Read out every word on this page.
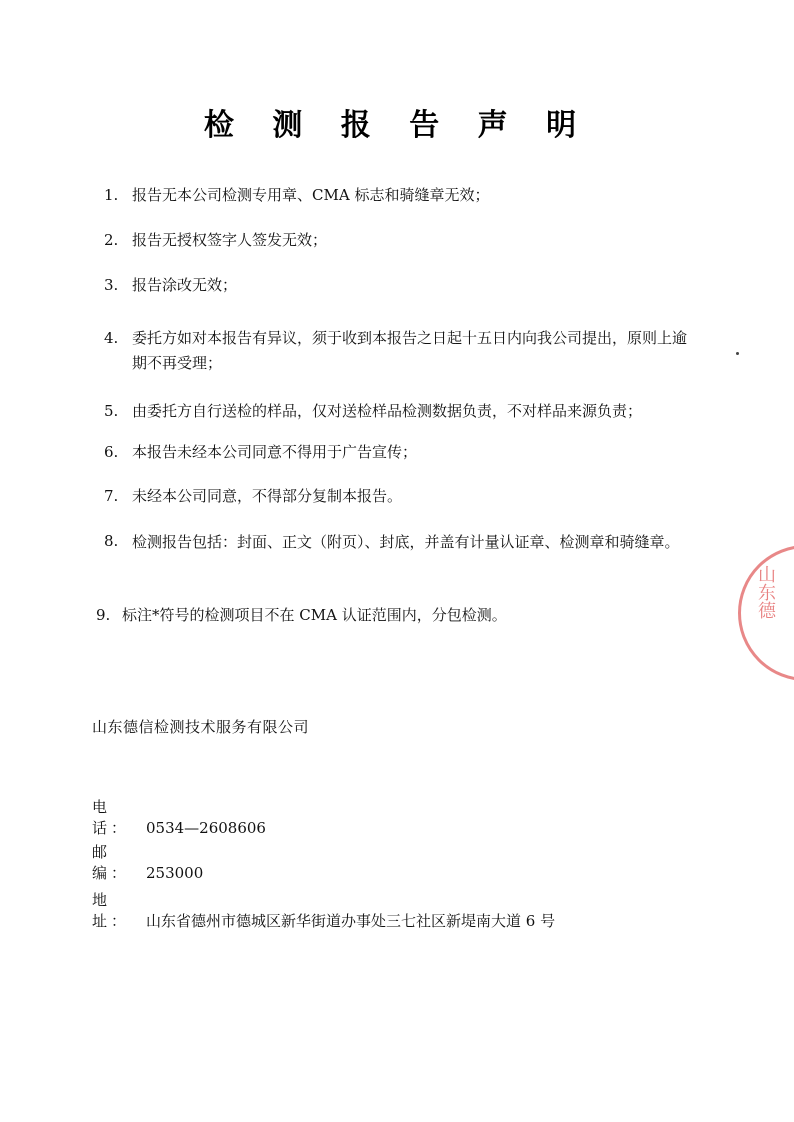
检 测 报 告 声 明
1. 报告无本公司检测专用章、CMA 标志和骑缝章无效；
2. 报告无授权签字人签发无效；
3. 报告涂改无效；
4. 委托方如对本报告有异议，须于收到本报告之日起十五日内向我公司提出，原则上逾期不再受理；
5. 由委托方自行送检的样品，仅对送检样品检测数据负责，不对样品来源负责；
6. 本报告未经本公司同意不得用于广告宣传；
7. 未经本公司同意，不得部分复制本报告。
8. 检测报告包括：封面、正文（附页）、封底，并盖有计量认证章、检测章和骑缝章。
9. 标注*符号的检测项目不在 CMA 认证范围内，分包检测。
山东德信检测技术服务有限公司
电 话： 0534—2608606
邮 编： 253000
地 址： 山东省德州市德城区新华街道办事处三七社区新堤南大道 6 号
山东德
